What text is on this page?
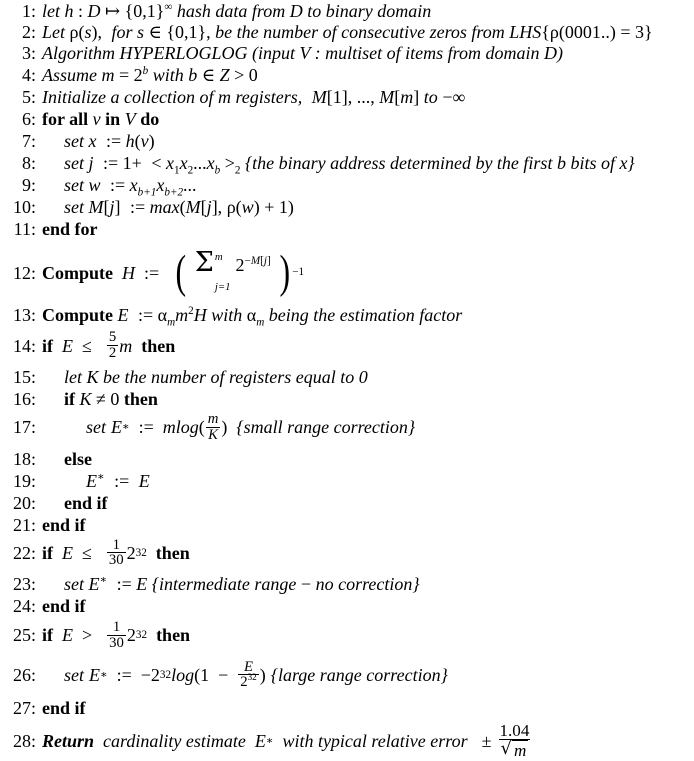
1: let h : D ↦ {0,1}∞ hash data from D to binary domain
2: Let ρ(s), for s ∈ {0,1}, be the number of consecutive zeros from LHS{ρ(0001..) = 3}
3: Algorithm HYPERLOGLOG (input V : multiset of items from domain D)
4: Assume $m = 2^b$ with b ∈ Z > 0
5: Initialize a collection of m registers, M[1], ..., M[m] to −∞
6: for all v in V do
7:	set x := h(v)
8:	set j := $1+ < x_1x_2...x_b >_2$ {the binary address determined by the first b bits of x}
9:	set w := $x_{b+1}x_{b+2}$...
10:	set M[j] := max(M[j], ρ(w) + 1)
11: end for
12: Compute H := ( Σ m
j=1
$2^{-M[j]}$ ) −1
13: Compute E := $\alpha_mm^2H$ with $\alpha_m$ being the estimation factor
14: if $E \le \frac{5}{2}$ m then
15:	let K be the number of registers equal to 0
16:	if K ≠ 0 then
17:	set E ∗ := mlog ( $\frac{m}{K}$ ) {small range correction}
18:	else
19:	E∗ := E
20:	end if
21: end if
22: if $E \le \frac{1}{30} 2$ 32 then
23:	set E∗ := E {intermediate range − no correction}
24: end if
25: if $E > \frac{1}{30} 2$ 32 then
26:	set E ∗ := −2 32 $\log (1 - \frac{E}{2^{32}}$ ) {large range correction}
27: end if
28: Return cardinality estimate E ∗ with typical relative error ± $\frac{1.04}{√ m}$
